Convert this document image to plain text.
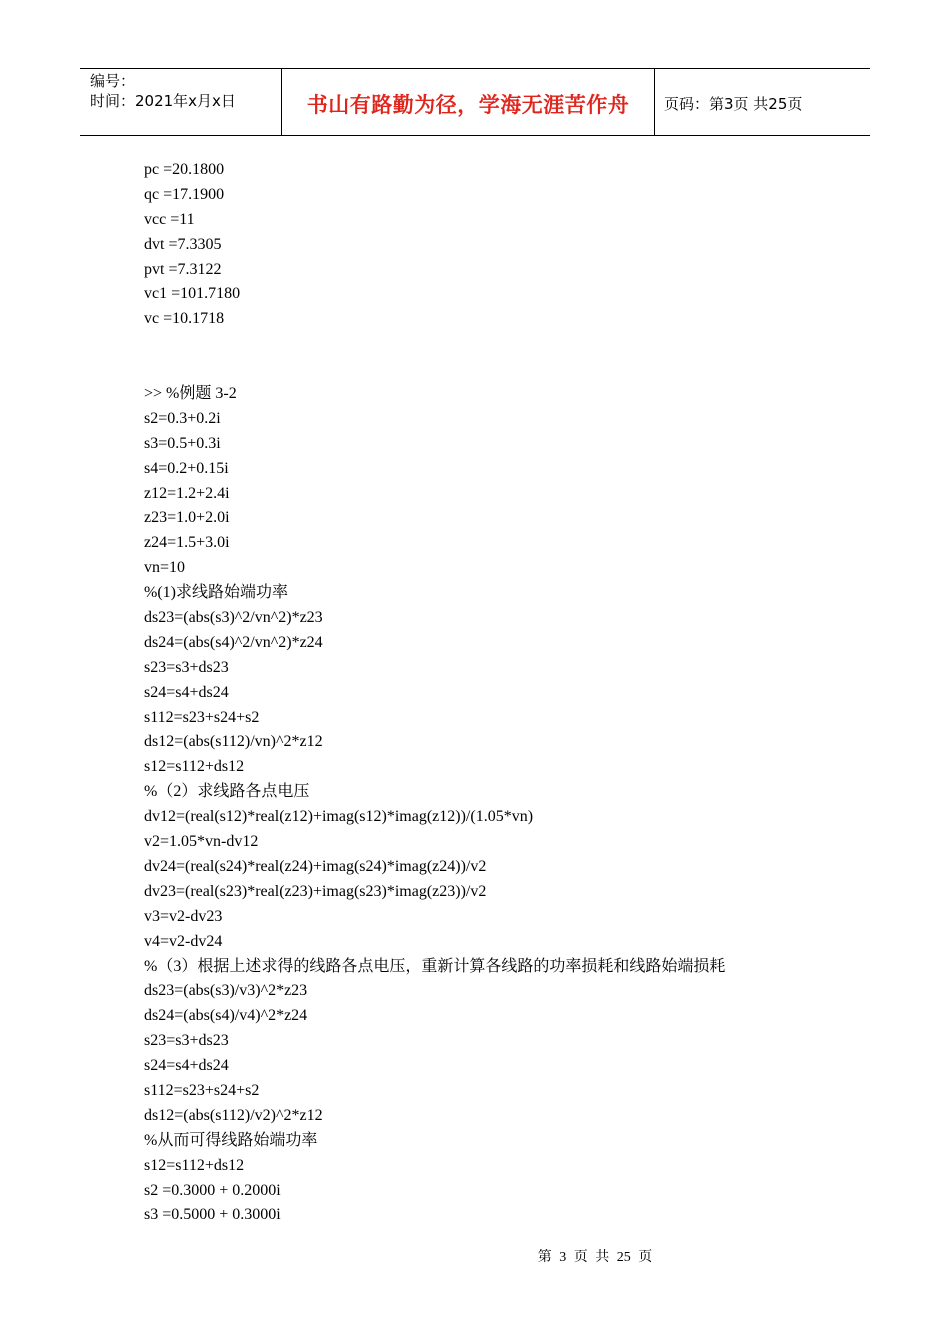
编号：
时间：2021年x月x日	书山有路勤为径，学海无涯苦作舟	页码：第3页 共25页
pc =20.1800
qc =17.1900
vcc =11
dvt =7.3305
pvt =7.3122
vc1 =101.7180
vc =10.1718
>> %例题 3-2
s2=0.3+0.2i
s3=0.5+0.3i
s4=0.2+0.15i
z12=1.2+2.4i
z23=1.0+2.0i
z24=1.5+3.0i
vn=10
%(1)求线路始端功率
ds23=(abs(s3)^2/vn^2)*z23
ds24=(abs(s4)^2/vn^2)*z24
s23=s3+ds23
s24=s4+ds24
s112=s23+s24+s2
ds12=(abs(s112)/vn)^2*z12
s12=s112+ds12
%（2）求线路各点电压
dv12=(real(s12)*real(z12)+imag(s12)*imag(z12))/(1.05*vn)
v2=1.05*vn-dv12
dv24=(real(s24)*real(z24)+imag(s24)*imag(z24))/v2
dv23=(real(s23)*real(z23)+imag(s23)*imag(z23))/v2
v3=v2-dv23
v4=v2-dv24
%（3）根据上述求得的线路各点电压，重新计算各线路的功率损耗和线路始端损耗
ds23=(abs(s3)/v3)^2*z23
ds24=(abs(s4)/v4)^2*z24
s23=s3+ds23
s24=s4+ds24
s112=s23+s24+s2
ds12=(abs(s112)/v2)^2*z12
%从而可得线路始端功率
s12=s112+ds12
s2 =0.3000 + 0.2000i
s3 =0.5000 + 0.3000i
第 3 页 共 25 页
